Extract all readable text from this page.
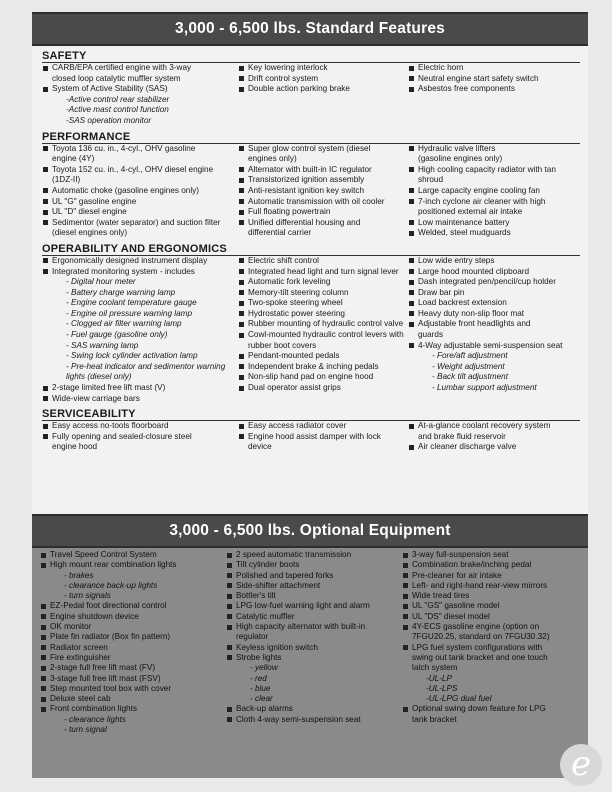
3,000 - 6,500 lbs. Standard Features
SAFETY
CARB/EPA certified engine with 3-way
closed loop catalytic muffler system
System of Active Stability (SAS)
-Active control rear stabilizer
-Active mast control function
-SAS operation monitor
Key lowering interlock
Drift control system
Double action parking brake
Electric horn
Neutral engine start safety switch
Asbestos free components
PERFORMANCE
Toyota 136 cu. in., 4-cyl., OHV gasoline
engine (4Y)
Toyota 152 cu. in., 4-cyl., OHV diesel engine
(1DZ-II)
Automatic choke (gasoline engines only)
UL "G" gasoline engine
UL "D" diesel engine
Sedimentor (water separator) and suction filter
(diesel engines only)
Super glow control system (diesel
engines only)
Alternator with built-in IC regulator
Transistorized ignition assembly
Anti-resistant ignition key switch
Automatic transmission with oil cooler
Full floating powertrain
Unified differential housing and
differential carrier
Hydraulic valve lifters
(gasoline engines only)
High cooling capacity radiator with tan
shroud
Large capacity engine cooling fan
7-inch cyclone air cleaner with high
positioned external air intake
Low maintenance battery
Welded, steel mudguards
OPERABILITY AND ERGONOMICS
Ergonomically designed instrument display
Integrated monitoring system - includes
- Digital hour meter
- Battery charge warning lamp
- Engine coolant temperature gauge
- Engine oil pressure warning lamp
- Clogged air filter warning lamp
- Fuel gauge (gasoline only)
- SAS warning lamp
- Swing lock cylinder activation lamp
- Pre-heat indicator and sedimentor warning
lights (diesel only)
2-stage limited free lift mast (V)
Wide-view carriage bars
Electric shift control
Integrated head light and turn signal lever
Automatic fork leveling
Memory-tilt steering column
Two-spoke steering wheel
Hydrostatic power steering
Rubber mounting of hydraulic control valve
Cowl-mounted hydraulic control levers with
rubber boot covers
Pendant-mounted pedals
Independent brake & inching pedals
Non-slip hand pad on engine hood
Dual operator assist grips
Low wide entry steps
Large hood mounted clipboard
Dash integrated pen/pencil/cup holder
Draw bar pin
Load backrest extension
Heavy duty non-slip floor mat
Adjustable front headlights and
guards
4-Way adjustable semi-suspension seat
- Fore/aft adjustment
- Weight adjustment
- Back tilt adjustment
- Lumbar support adjustment
SERVICEABILITY
Easy access no-tools floorboard
Fully opening and sealed-closure steel
engine hood
Easy access radiator cover
Engine hood assist damper with lock
device
At-a-glance coolant recovery system
and brake fluid reservoir
Air cleaner discharge valve
3,000 - 6,500 lbs. Optional Equipment
Travel Speed Control System
High mount rear combination lights
- brakes
- clearance back-up lights
- turn signals
EZ-Pedal foot directional control
Engine shutdown device
OK monitor
Plate fin radiator (Box fin pattern)
Radiator screen
Fire extinguisher
2-stage full free lift mast (FV)
3-stage full free lift mast (FSV)
Step mounted tool box with cover
Deluxe steel cab
Front combination lights
- clearance lights
- turn signal
2 speed automatic transmission
Tilt cylinder boots
Polished and tapered forks
Side-shifter attachment
Bottler's tilt
LPG low-fuel warning light and alarm
Catalytic muffler
High capacity alternator with built-in
regulator
Keyless ignition switch
Strobe lights
- yellow
- red
- blue
- clear
Back-up alarms
Cloth 4-way semi-suspension seat
3-way full-suspension seat
Combination brake/inching pedal
Pre-cleaner for air intake
Left- and right-hand rear-view mirrors
Wide tread tires
UL "GS" gasoline model
UL "DS" diesel model
4Y-ECS gasoline engine (option on
7FGU20.25, standard on 7FGU30.32)
LPG fuel system configurations with
swing out tank bracket and one touch
latch system
-UL-LP
-UL-LPS
-UL-LPG dual fuel
Optional swing down feature for LPG
tank bracket
e
